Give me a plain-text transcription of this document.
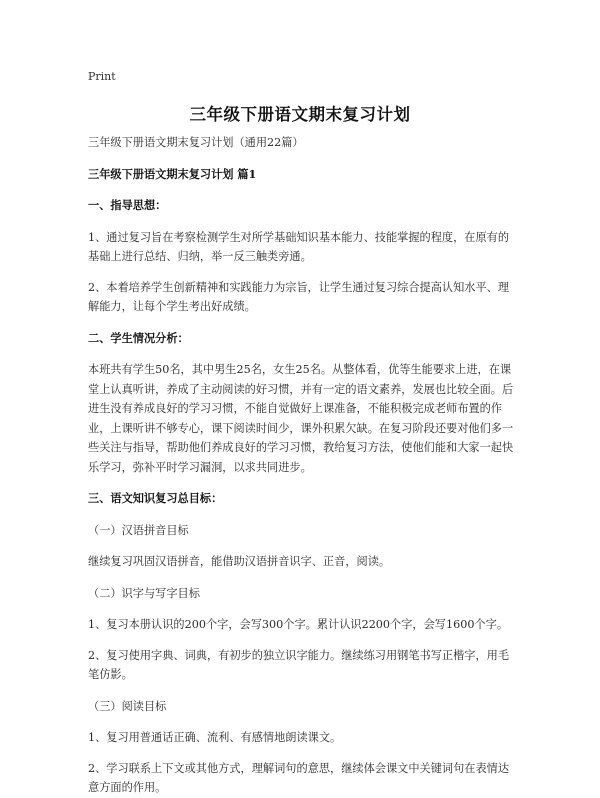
Print
三年级下册语文期末复习计划

三年级下册语文期末复习计划（通用22篇）

三年级下册语文期末复习计划 篇1

一、指导思想：

1、通过复习旨在考察检测学生对所学基础知识基本能力、技能掌握的程度，在原有的基础上进行总结、归纳，举一反三触类旁通。

2、本着培养学生创新精神和实践能力为宗旨，让学生通过复习综合提高认知水平、理解能力，让每个学生考出好成绩。

二、学生情况分析：

本班共有学生50名，其中男生25名，女生25名。从整体看，优等生能要求上进，在课堂上认真听讲，养成了主动阅读的好习惯，并有一定的语文素养，发展也比较全面。后进生没有养成良好的学习习惯，不能自觉做好上课准备，不能积极完成老师布置的作业，上课听讲不够专心，课下阅读时间少，课外积累欠缺。在复习阶段还要对他们多一些关注与指导，帮助他们养成良好的学习习惯，教给复习方法，使他们能和大家一起快乐学习，弥补平时学习漏洞，以求共同进步。

三、语文知识复习总目标：

（一）汉语拼音目标

继续复习巩固汉语拼音，能借助汉语拼音识字、正音，阅读。

（二）识字与写字目标

1、复习本册认识的200个字，会写300个字。累计认识2200个字，会写1600个字。

2、复习使用字典、词典，有初步的独立识字能力。继续练习用钢笔书写正楷字，用毛笔仿影。

（三）阅读目标

1、复习用普通话正确、流利、有感情地朗读课文。

2、学习联系上下文或其他方式，理解词句的意思，继续体会课文中关键词句在表情达意方面的作用。
